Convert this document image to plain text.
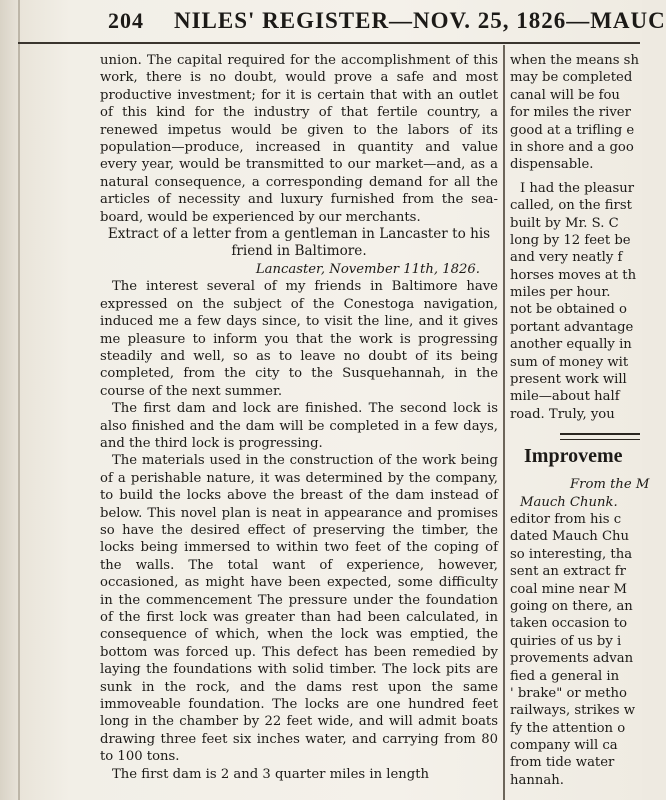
204 NILES' REGISTER—NOV. 25, 1826—MAUC

union. The capital required for the accomplishment of this work, there is no doubt, would prove a safe and most productive investment; for it is certain that with an outlet of this kind for the industry of that fertile country, a renewed impetus would be given to the labors of its population—produce, increased in quantity and value every year, would be transmitted to our market—and, as a natural consequence, a corresponding demand for all the articles of necessity and luxury furnished from the sea-board, would be experienced by our merchants.

Extract of a letter from a gentleman in Lancaster to his friend in Baltimore.

Lancaster, November 11th, 1826.

The interest several of my friends in Baltimore have expressed on the subject of the Conestoga navigation, induced me a few days since, to visit the line, and it gives me pleasure to inform you that the work is progressing steadily and well, so as to leave no doubt of its being completed, from the city to the Susquehannah, in the course of the next summer.

The first dam and lock are finished. The second lock is also finished and the dam will be completed in a few days, and the third lock is progressing.

The materials used in the construction of the work being of a perishable nature, it was determined by the company, to build the locks above the breast of the dam instead of below. This novel plan is neat in appearance and promises so have the desired effect of preserving the timber, the locks being immersed to within two feet of the coping of the walls. The total want of experience, however, occasioned, as might have been expected, some difficulty in the commencement The pressure under the foundation of the first lock was greater than had been calculated, in consequence of which, when the lock was emptied, the bottom was forced up. This defect has been remedied by laying the foundations with solid timber. The lock pits are sunk in the rock, and the dams rest upon the same immoveable foundation. The locks are one hundred feet long in the chamber by 22 feet wide, and will admit boats drawing three feet six inches water, and carrying from 80 to 100 tons.

The first dam is 2 and 3 quarter miles in length

when the means sh
may be completed
canal will be fou
for miles the river
good at a trifling e
in shore and a goo
dispensable.
I had the pleasur
called, on the first
built by Mr. S. C
long by 12 feet be
and very neatly f
horses moves at th
miles per hour.
not be obtained o
portant advantage
another equally in
sum of money wit
present work will
mile—about half
road. Truly, you
Improveme
From the M
Mauch Chunk.
editor from his c
dated Mauch Chu
so interesting, tha
sent an extract fr
coal mine near M
going on there, an
taken occasion to
quiries of us by i
provements advan
fied a general in
' brake" or metho
railways, strikes w
fy the attention o
company will ca
from tide water
hannah.
